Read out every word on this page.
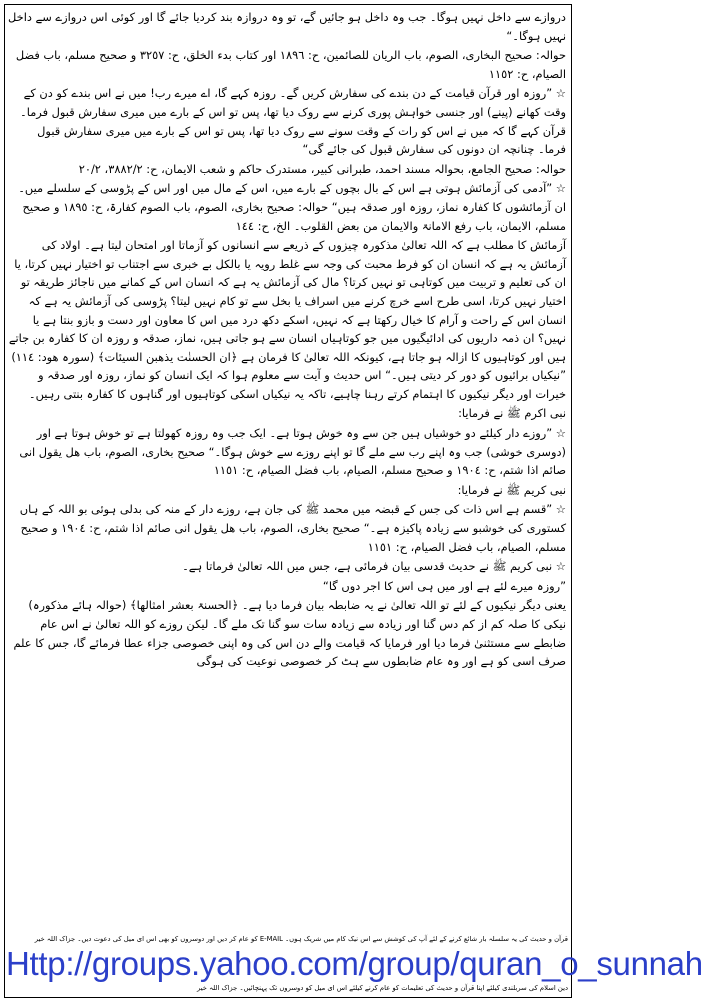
دروازے سے داخل نہیں ہوگا۔ جب وہ داخل ہو جائیں گے، تو وہ دروازہ بند کردیا جائے گا اور کوئی اس دروازے سے داخل نہیں ہوگا۔“

حوالہ: صحیح البخاری، الصوم، باب الریان للصائمین، ح: ١٨٩٦ اور کتاب بدء الخلق، ح: ٣٢٥٧ و صحیح مسلم، باب فضل الصیام، ح: ١١٥٢

☆ ”روزہ اور قرآن قیامت کے دن بندے کی سفارش کریں گے۔ روزہ کہے گا، اے میرے رب! میں نے اس بندے کو دن کے وقت کھانے (پینے) اور جنسی خواہش پوری کرنے سے روک دیا تھا، پس تو اس کے بارے میں میری سفارش قبول فرما۔ قرآن کہے گا کہ میں نے اس کو رات کے وقت سونے سے روک دیا تھا، پس تو اس کے بارے میں میری سفارش قبول فرما۔ چنانچہ ان دونوں کی سفارش قبول کی جائے گی“

حوالہ: صحیح الجامع، بحوالہ مسند احمد، طبرانی کبیر، مستدرک حاکم و شعب الایمان، ح: ٣٨٨٢/٢، ٢٠/٢

☆ ”آدمی کی آزمائش ہوتی ہے اس کے بال بچوں کے بارے میں، اس کے مال میں اور اس کے پڑوسی کے سلسلے میں۔ ان آزمائشوں کا کفارہ نماز، روزہ اور صدقہ ہیں“ حوالہ: صحیح بخاری، الصوم، باب الصوم کفارۃ، ح: ١٨٩٥ و صحیح مسلم، الایمان، باب رفع الامانۃ والایمان من بعض القلوب۔ الخ، ح: ١٤٤

آزمائش کا مطلب ہے کہ اللہ تعالیٰ مذکورہ چیزوں کے ذریعے سے انسانوں کو آزماتا اور امتحان لیتا ہے۔ اولاد کی آزمائش یہ ہے کہ انسان ان کو فرط محبت کی وجہ سے غلط رویہ یا بالکل بے خبری سے اجتناب تو اختیار نہیں کرتا، یا ان کی تعلیم و تربیت میں کوتاہی تو نہیں کرتا؟ مال کی آزمائش یہ ہے کہ انسان اس کے کمانے میں ناجائز طریقہ تو اختیار نہیں کرتا، اسی طرح اسے خرچ کرنے میں اسراف یا بخل سے تو کام نہیں لیتا؟ پڑوسی کی آزمائش یہ ہے کہ انسان اس کے راحت و آرام کا خیال رکھتا ہے کہ نہیں، اسکے دکھ درد میں اس کا معاون اور دست و بازو بنتا ہے یا نہیں؟ ان ذمہ داریوں کی ادائیگیوں میں جو کوتاہیاں انسان سے ہو جاتی ہیں، نماز، صدقہ و روزہ ان کا کفارہ بن جاتے ہیں اور کوتاہیوں کا ازالہ ہو جاتا ہے، کیونکہ اللہ تعالیٰ کا فرمان ہے ﴿ان الحسنٰت یذھبن السیئات﴾ (سورہ ھود: ١١٤) ”نیکیاں برائیوں کو دور کر دیتی ہیں۔“ اس حدیث و آیت سے معلوم ہوا کہ ایک انسان کو نماز، روزہ اور صدقہ و خیرات اور دیگر نیکیوں کا اہتمام کرتے رہنا چاہیے، تاکہ یہ نیکیاں اسکی کوتاہیوں اور گناہوں کا کفارہ بنتی رہیں۔

نبی اکرم ﷺ نے فرمایا:

☆ ”روزے دار کیلئے دو خوشیاں ہیں جن سے وہ خوش ہوتا ہے۔ ایک جب وہ روزہ کھولتا ہے تو خوش ہوتا ہے اور (دوسری خوشی) جب وہ اپنے رب سے ملے گا تو اپنے روزے سے خوش ہوگا۔“ صحیح بخاری، الصوم، باب ھل یقول انی صائم اذا شتم، ح: ١٩٠٤ و صحیح مسلم، الصیام، باب فضل الصیام، ح: ١١٥١

نبی کریم ﷺ نے فرمایا:

☆ ”قسم ہے اس ذات کی جس کے قبضہ میں محمد ﷺ کی جان ہے، روزے دار کے منہ کی بدلی ہوئی بو اللہ کے ہاں کستوری کی خوشبو سے زیادہ پاکیزہ ہے۔“ صحیح بخاری، الصوم، باب ھل یقول انی صائم اذا شتم، ح: ١٩٠٤ و صحیح مسلم، الصیام، باب فضل الصیام، ح: ١١٥١

☆ نبی کریم ﷺ نے حدیث قدسی بیان فرمائی ہے، جس میں اللہ تعالیٰ فرماتا ہے۔

”روزہ میرے لئے ہے اور میں ہی اس کا اجر دوں گا“

یعنی دیگر نیکیوں کے لئے تو اللہ تعالیٰ نے یہ ضابطہ بیان فرما دیا ہے۔ ﴿الحسنۃ بعشر امثالھا﴾ (حوالہ ہائے مذکورہ) نیکی کا صلہ کم از کم دس گنا اور زیادہ سے زیادہ سات سو گنا تک ملے گا۔ لیکن روزے کو اللہ تعالیٰ نے اس عام ضابطے سے مستثنیٰ فرما دیا اور فرمایا کہ قیامت والے دن اس کی وہ اپنی خصوصی جزاء عطا فرمائے گا، جس کا علم صرف اسی کو ہے اور وہ عام ضابطوں سے ہٹ کر خصوصی نوعیت کی ہوگی

قرآن و حدیث کی یہ سلسلہ بار شائع کرنے کے لئے آپ کی کوشش سے اس نیک کام میں شریک ہوں۔ E-MAIL کو عام کر دیں اور دوسروں کو بھی اس ای میل کی دعوت دیں۔ جزاک اللہ خیر
Http://groups.yahoo.com/group/quran_o_sunnah
دین اسلام کی سربلندی کیلئے اپنا قرآن و حدیث کی تعلیمات کو عام کرنے کیلئے اس ای میل کو دوسروں تک پہنچائیں۔ جزاک اللہ خیر
